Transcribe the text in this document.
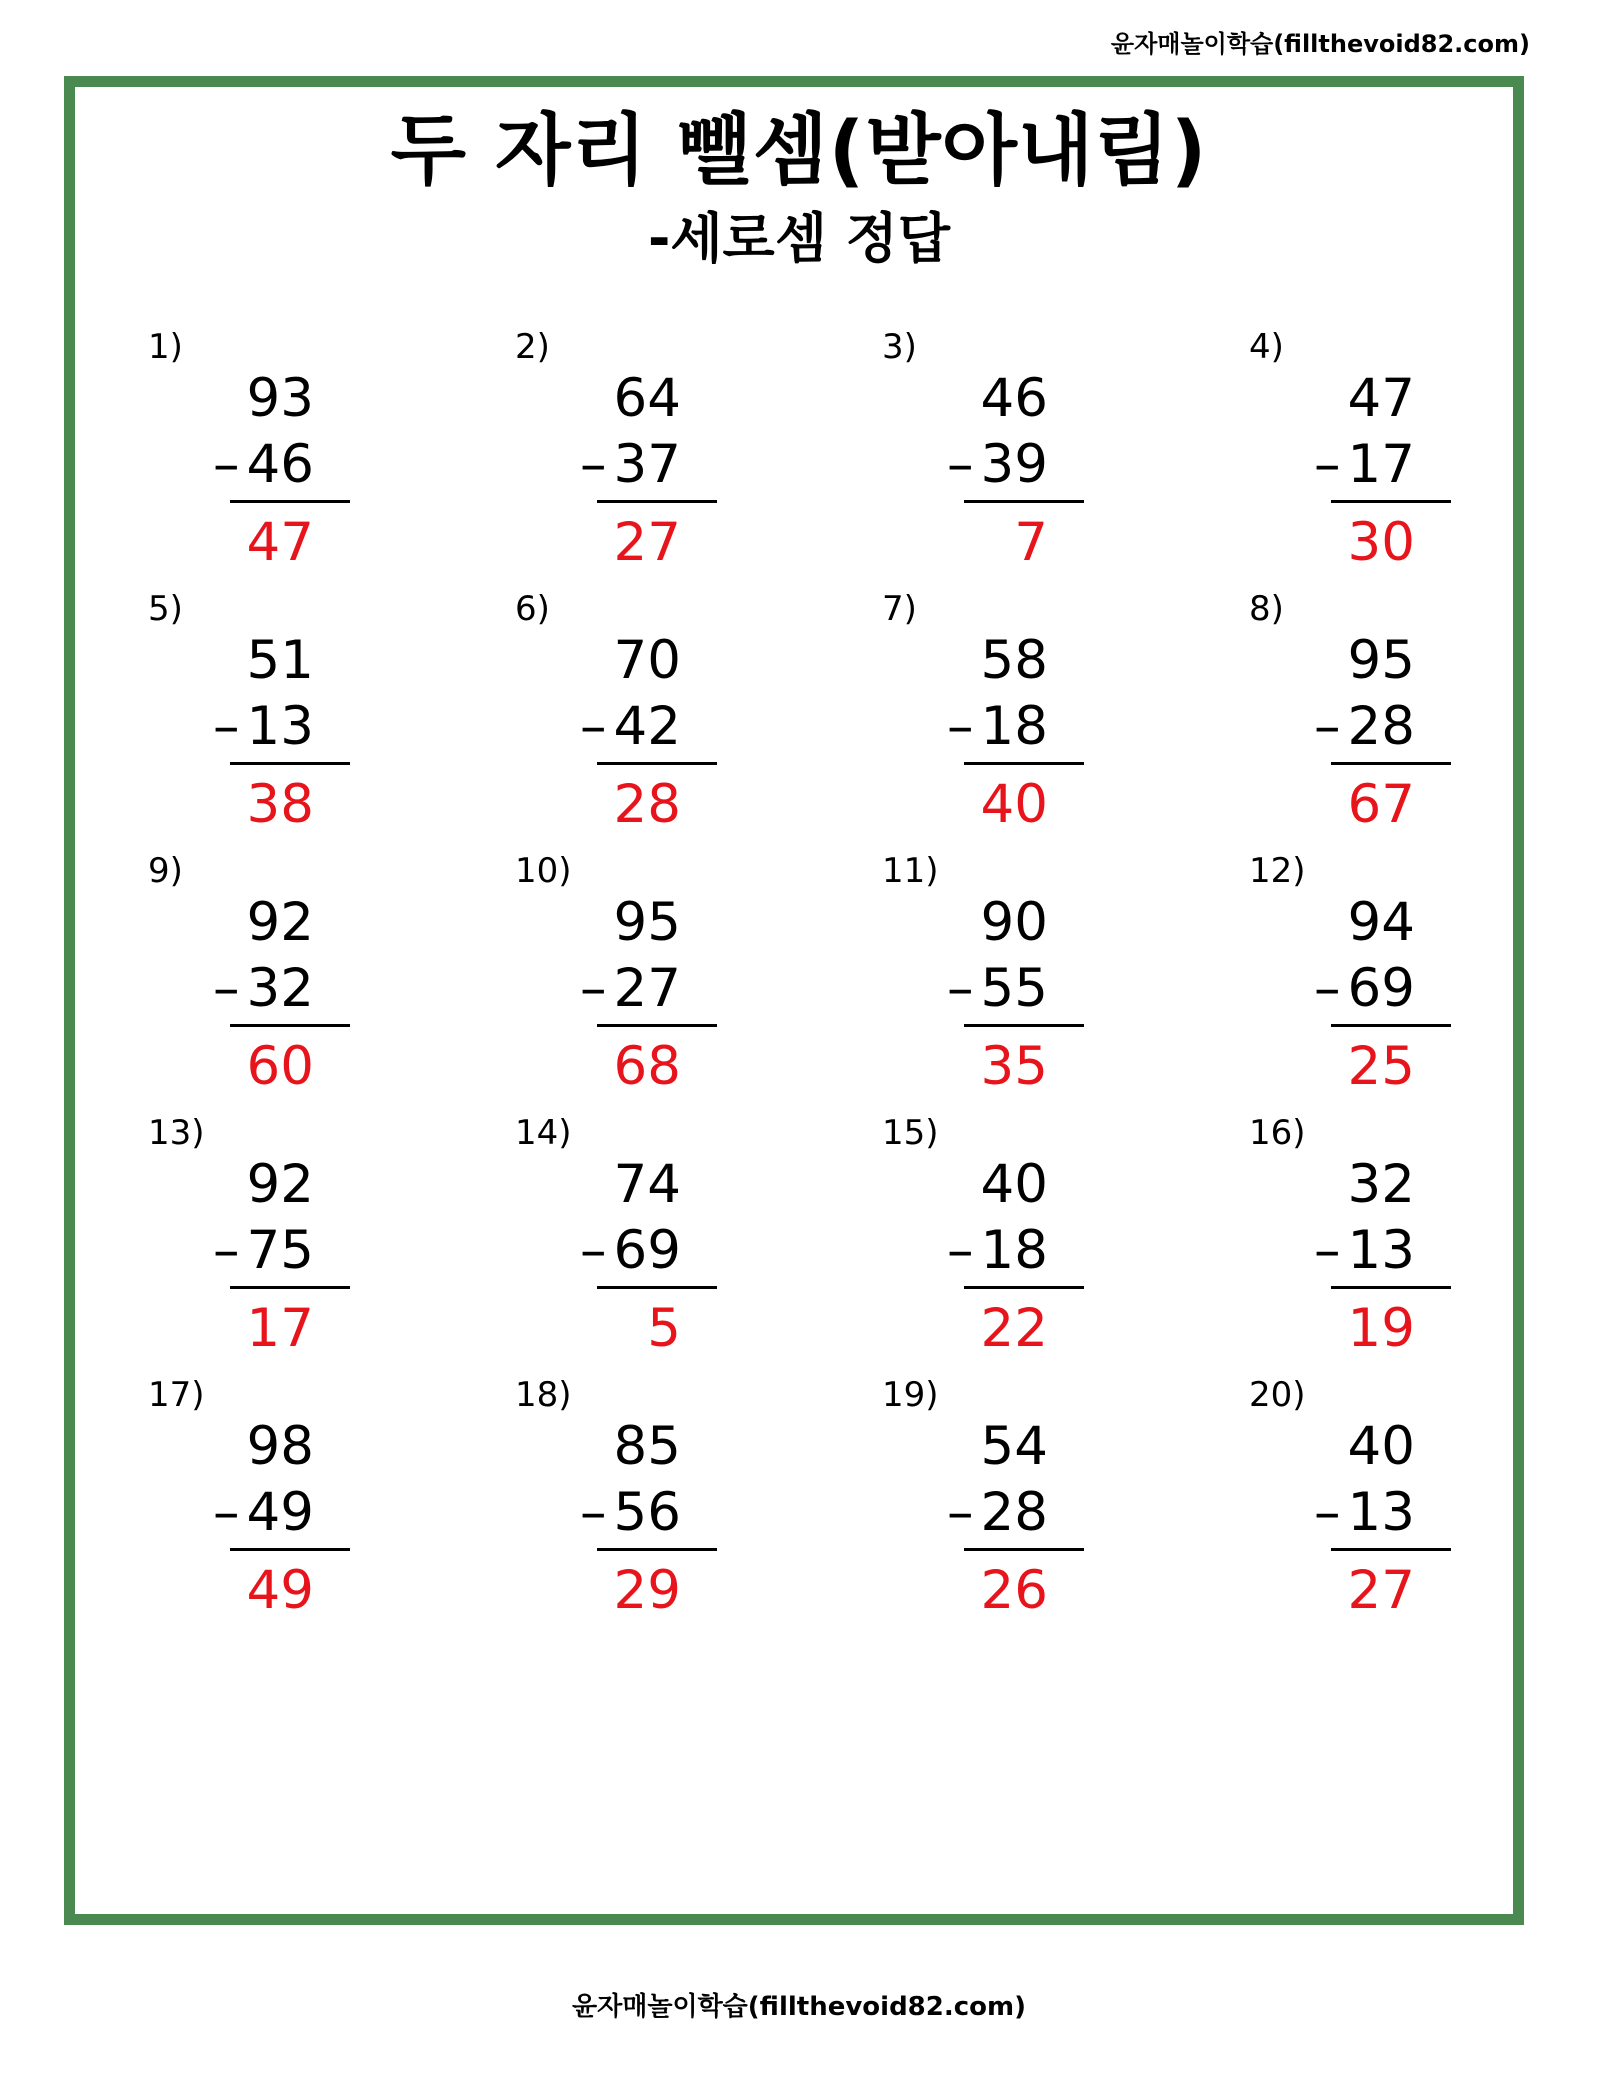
윤자매놀이학습(fillthevoid82.com)
두 자리 뺄셈(받아내림)
-세로셈 정답
1)
93
– 46
47
2)
64
– 37
27
3)
46
– 39
7
4)
47
– 17
30
5)
51
– 13
38
6)
70
– 42
28
7)
58
– 18
40
8)
95
– 28
67
9)
92
– 32
60
10)
95
– 27
68
11)
90
– 55
35
12)
94
– 69
25
13)
92
– 75
17
14)
74
– 69
5
15)
40
– 18
22
16)
32
– 13
19
17)
98
– 49
49
18)
85
– 56
29
19)
54
– 28
26
20)
40
– 13
27
윤자매놀이학습(fillthevoid82.com)
